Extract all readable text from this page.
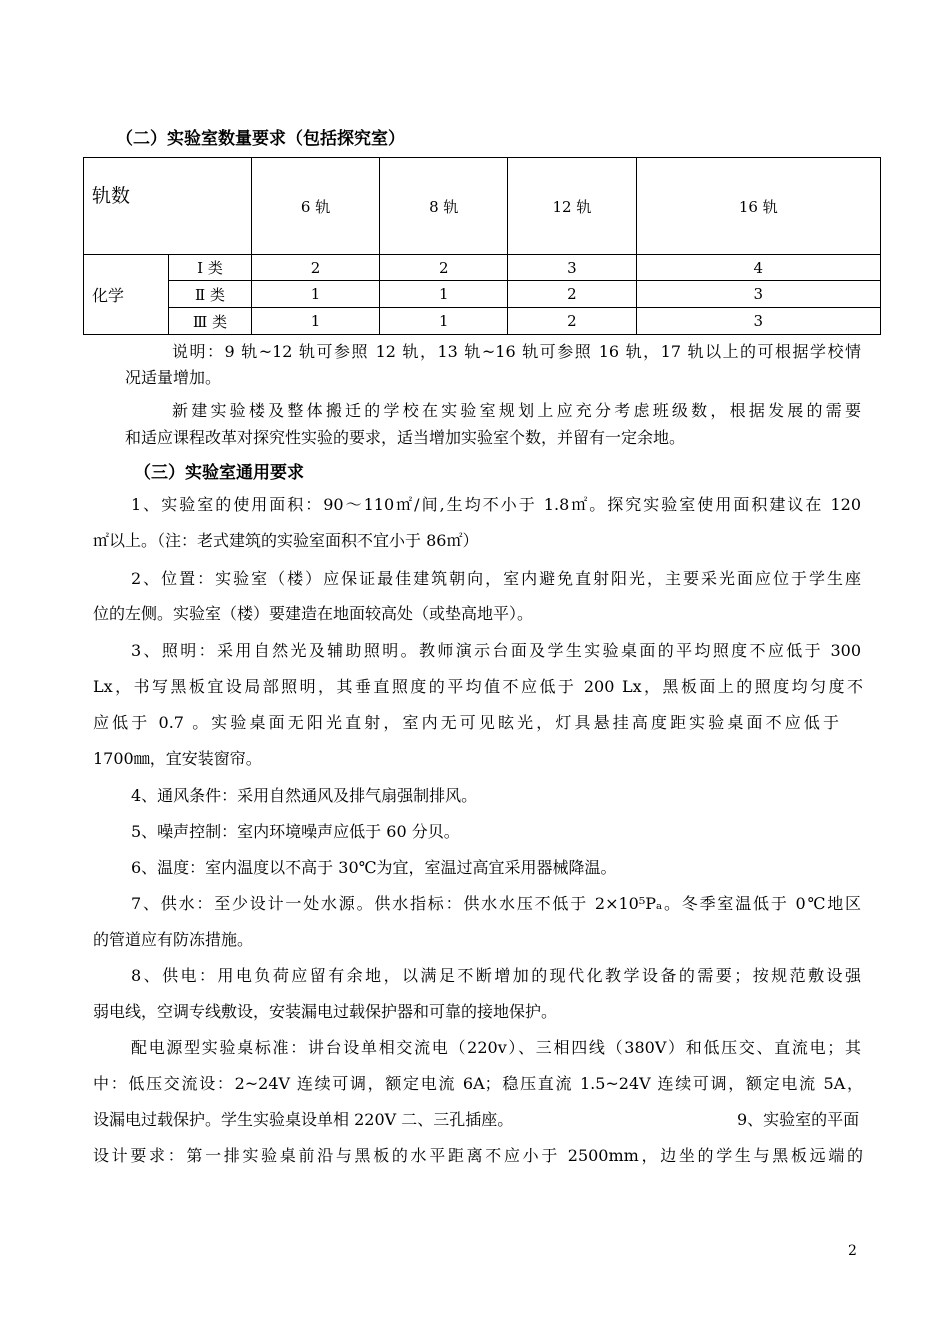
（二）实验室数量要求（包括探究室）
轨数		6 轨	8 轨	12 轨	16 轨
化学	Ⅰ 类	2	2	3	4
	Ⅱ 类	1	1	2	3
	Ⅲ 类	1	1	2	3
说明：9 轨~12 轨可参照 12 轨，13 轨~16 轨可参照 16 轨，17 轨以上的可根据学校情
况适量增加。
新建实验楼及整体搬迁的学校在实验室规划上应充分考虑班级数，根据发展的需要
和适应课程改革对探究性实验的要求，适当增加实验室个数，并留有一定余地。
（三）实验室通用要求
1、实验室的使用面积：90～110㎡/间,生均不小于 1.8㎡。探究实验室使用面积建议在 120
㎡以上。（注：老式建筑的实验室面积不宜小于 86㎡）
2、位置：实验室（楼）应保证最佳建筑朝向，室内避免直射阳光，主要采光面应位于学生座
位的左侧。实验室（楼）要建造在地面较高处（或垫高地平）。
3、照明：采用自然光及辅助照明。教师演示台面及学生实验桌面的平均照度不应低于 300
Lx，书写黑板宜设局部照明，其垂直照度的平均值不应低于 200 Lx，黑板面上的照度均匀度不
应低于 0.7 。实验桌面无阳光直射，室内无可见眩光，灯具悬挂高度距实验桌面不应低于
1700㎜，宜安装窗帘。
4、通风条件：采用自然通风及排气扇强制排风。
5、噪声控制：室内环境噪声应低于 60 分贝。
6、温度：室内温度以不高于 30℃为宜，室温过高宜采用器械降温。
7、供水：至少设计一处水源。供水指标：供水水压不低于 2×10⁵Pₐ。冬季室温低于 0℃地区
的管道应有防冻措施。
8、供电：用电负荷应留有余地，以满足不断增加的现代化教学设备的需要；按规范敷设强
弱电线，空调专线敷设，安装漏电过载保护器和可靠的接地保护。
配电源型实验桌标准：讲台设单相交流电（220v）、三相四线（380V）和低压交、直流电；其
中：低压交流设：2~24V 连续可调，额定电流 6A；稳压直流 1.5~24V 连续可调，额定电流 5A，
设漏电过载保护。学生实验桌设单相 220V 二、三孔插座。	9、实验室的平面
设计要求：第一排实验桌前沿与黑板的水平距离不应小于 2500mm，边坐的学生与黑板远端的
2
